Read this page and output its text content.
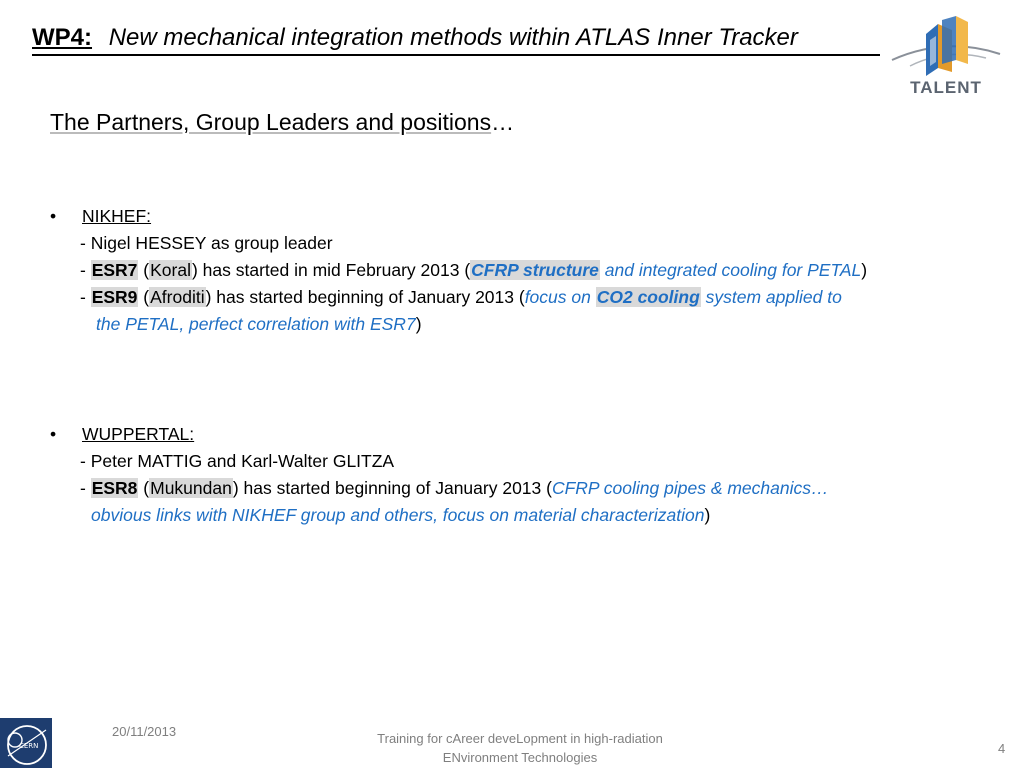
WP4: New mechanical integration methods within ATLAS Inner Tracker
TALENT
The Partners, Group Leaders and positions…
• NIKHEF:
- Nigel HESSEY as group leader
- ESR7 (Koral) has started in mid February 2013 (CFRP structure and integrated cooling for PETAL)
- ESR9 (Afroditi) has started beginning of January 2013 (focus on CO2 cooling system applied to
the PETAL, perfect correlation with ESR7)
• WUPPERTAL:
- Peter MATTIG and Karl-Walter GLITZA
- ESR8 (Mukundan) has started beginning of January 2013 (CFRP cooling pipes & mechanics…
obvious links with NIKHEF group and others, focus on material characterization)
CERN
20/11/2013	Training for cAreer deveLopment in high-radiation
ENvironment Technologies
4
